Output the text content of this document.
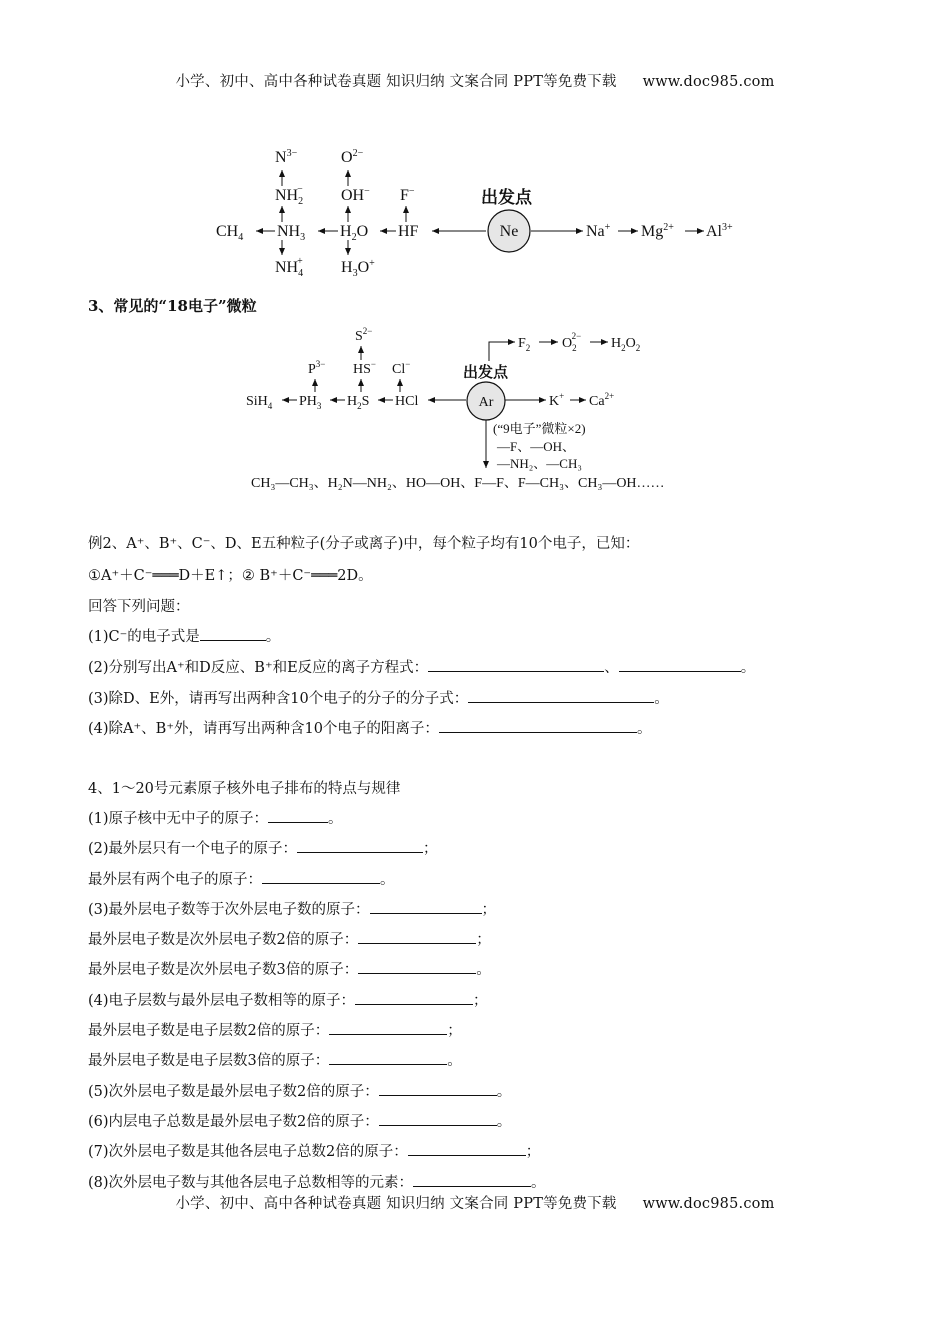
小学、初中、高中各种试卷真题 知识归纳 文案合同 PPT等免费下载 www.doc985.com
$N^{3-}$	$O^{2-}$
$NH_2- OH^-$ F−	出发点
$CH_4$ $NH_3$ $H_2O$ HF	Ne	Na+ $Mg^{2+}$ $Al^{3+}$
$NH_4+ H_3O^+$
$S^{2-}$
$F_2$ $O_22- H_2O_2$
$P^{3-}$ HS− Cl−
出发点
SiH$_4$ $PH_3$ $H_2S$ HCl	Ar	K+ $Ca^{2+}$
(“9电子”微粒×2)
—F、—OH、
—NH₂、—CH₃
CH₃—CH₃、H₂N—NH₂、HO—OH、F—F、F—CH₃、CH₃—OH……
3、常见的“18电子”微粒
例2、A⁺、B⁺、C⁻、D、E五种粒子(分子或离子)中，每个粒子均有10个电子，已知：
①A⁺＋C⁻═══D＋E↑；② B⁺＋C⁻═══2D。
回答下列问题：
(1)C⁻的电子式是	。
(2)分别写出A⁺和D反应、B⁺和E反应的离子方程式：	、	。
(3)除D、E外，请再写出两种含10个电子的分子的分子式：	。
(4)除A⁺、B⁺外，请再写出两种含10个电子的阳离子：	。
4、1～20号元素原子核外电子排布的特点与规律
(1)原子核中无中子的原子：	。
(2)最外层只有一个电子的原子：	；
最外层有两个电子的原子：	。
(3)最外层电子数等于次外层电子数的原子：	；
最外层电子数是次外层电子数2倍的原子：	；
最外层电子数是次外层电子数3倍的原子：	。
(4)电子层数与最外层电子数相等的原子：	；
最外层电子数是电子层数2倍的原子：	；
最外层电子数是电子层数3倍的原子：	。
(5)次外层电子数是最外层电子数2倍的原子：	。
(6)内层电子总数是最外层电子数2倍的原子：	。
(7)次外层电子数是其他各层电子总数2倍的原子：	；
(8)次外层电子数与其他各层电子总数相等的元素：	。
小学、初中、高中各种试卷真题 知识归纳 文案合同 PPT等免费下载 www.doc985.com
